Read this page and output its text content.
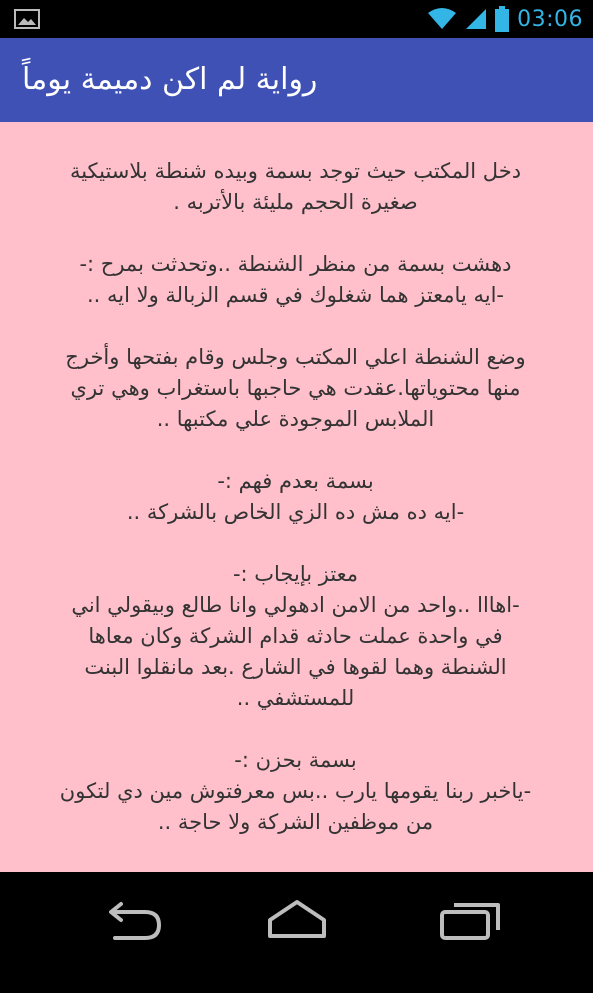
03:06
رواية لم اكن دميمة يوماً

دخل المكتب حيث توجد بسمة وبيده شنطة بلاستيكية
صغيرة الحجم مليئة بالأتربه .

دهشت بسمة من منظر الشنطة ..وتحدثت بمرح :-
-ايه يامعتز هما شغلوك في قسم الزبالة ولا ايه ..

وضع الشنطة اعلي المكتب وجلس وقام بفتحها وأخرج
منها محتوياتها.عقدت هي حاجبها باستغراب وهي تري
الملابس الموجودة علي مكتبها ..

بسمة بعدم فهم :-
-ايه ده مش ده الزي الخاص بالشركة ..

معتز بإيجاب :-
-اهااا ..واحد من الامن ادهولي وانا طالع وبيقولي اني
في واحدة عملت حادثه قدام الشركة وكان معاها
الشنطة وهما لقوها في الشارع .بعد مانقلوا البنت
للمستشفي ..

بسمة بحزن :-
-ياخبر ربنا يقومها يارب ..بس معرفتوش مين دي لتكون
من موظفين الشركة ولا حاجة ..
